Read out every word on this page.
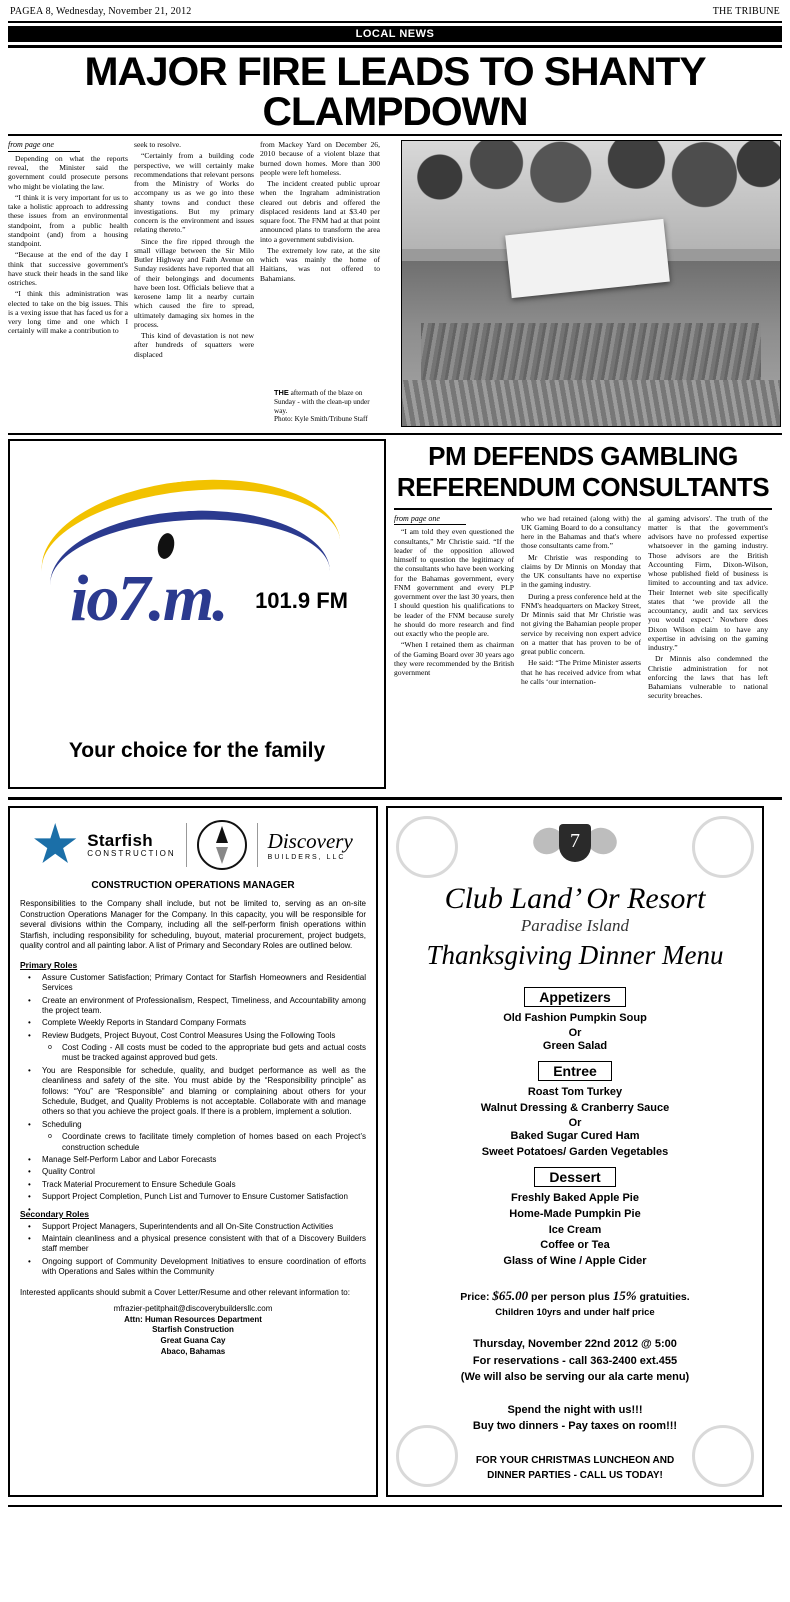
PAGEA 8, Wednesday, November 21, 2012	THE TRIBUNE
LOCAL NEWS
MAJOR FIRE LEADS TO SHANTY CLAMPDOWN
from page one

Depending on what the reports reveal, the Minister said the government could prosecute persons who might be violating the law.

“I think it is very important for us to take a holistic approach to addressing these issues from an environmental standpoint, from a public health standpoint (and) from a housing standpoint.

“Because at the end of the day I think that successive government's have stuck their heads in the sand like ostriches.

“I think this administration was elected to take on the big issues. This is a vexing issue that has faced us for a very long time and one which I certainly will make a contribution to

seek to resolve.

“Certainly from a building code perspective, we will certainly make recommendations that relevant persons from the Ministry of Works do accompany us as we go into these shanty towns and conduct these investigations. But my primary concern is the environment and issues relating thereto.”

Since the fire ripped through the small village between the Sir Milo Butler Highway and Faith Avenue on Sunday residents have reported that all of their belongings and documents have been lost. Officials believe that a kerosene lamp lit a nearby curtain which caused the fire to spread, ultimately damaging six homes in the process.

This kind of devastation is not new after hundreds of squatters were displaced

from Mackey Yard on December 26, 2010 because of a violent blaze that burned down homes. More than 300 people were left homeless.

The incident created public uproar when the Ingraham administration cleared out debris and offered the displaced residents land at $3.40 per square foot. The FNM had at that point announced plans to transform the area into a government subdivision.

The extremely low rate, at the site which was mainly the home of Haitians, was not offered to Bahamians.

THE aftermath of the blaze on Sunday - with the clean-up under way.
Photo: Kyle Smith/Tribune Staff
io7.m. 101.9 FM
Your choice for the family
PM DEFENDS GAMBLING
REFERENDUM CONSULTANTS
from page one

“I am told they even questioned the consultants,” Mr Christie said. “If the leader of the opposition allowed himself to question the legitimacy of the consultants who have been working for the Bahamas government, every FNM government and every PLP government over the last 30 years, then I should question his qualifications to be leader of the FNM because surely he should do more research and find out exactly who the people are.

“When I retained them as chairman of the Gaming Board over 30 years ago they were recommended by the British government

who we had retained (along with) the UK Gaming Board to do a consultancy here in the Bahamas and that's where those consultants came from.”

Mr Christie was responding to claims by Dr Minnis on Monday that the UK consultants have no expertise in the gaming industry.

During a press conference held at the FNM's headquarters on Mackey Street, Dr Minnis said that Mr Christie was not giving the Bahamian people proper service by receiving non expert advice on a matter that has proven to be of great public concern.

He said: “The Prime Minister asserts that he has received advice from what he calls ‘our internation-

al gaming advisors'. The truth of the matter is that the government's advisors have no professed expertise whatsoever in the gaming industry. Those advisors are the British Accounting Firm, Dixon-Wilson, whose published field of business is limited to accounting and tax advice. Their Internet web site specifically states that ‘we provide all the accountancy, audit and tax services you would expect.' Nowhere does Dixon Wilson claim to have any expertise in advising on the gaming industry.”

Dr Minnis also condemned the Christie administration for not enforcing the laws that has left Bahamians vulnerable to national security breaches.

Starfish
CONSTRUCTION
Discovery
BUILDERS, LLC
CONSTRUCTION OPERATIONS MANAGER

Responsibilities to the Company shall include, but not be limited to, serving as an on-site Construction Operations Manager for the Company. In this capacity, you will be responsible for several divisions within the Company, including all the self-perform finish operations within Starfish, including responsibility for scheduling, buyout, material procurement, project budgets, quality control and all painting labor. A list of Primary and Secondary Roles are outlined below.

Primary Roles
• Assure Customer Satisfaction; Primary Contact for Starfish Homeowners and Residential Services
• Create an environment of Professionalism, Respect, Timeliness, and Accountability among the project team.
• Complete Weekly Reports in Standard Company Formats
• Review Budgets, Project Buyout, Cost Control Measures Using the Following Tools
o Cost Coding - All costs must be coded to the appropriate bud gets and actual costs must be tracked against approved bud gets.
• You are Responsible for schedule, quality, and budget performance as well as the cleanliness and safety of the site. You must abide by the “Responsibility principle” as follows: “You” are “Responsible” and blaming or complaining about others for your Schedule, Budget, and Quality Problems is not acceptable. Collaborate with and manage others so that you achieve the project goals. If there is a problem, implement a solution.
• Scheduling
o Coordinate crews to facilitate timely completion of homes based on each Project’s construction schedule
• Manage Self-Perform Labor and Labor Forecasts
• Quality Control
• Track Material Procurement to Ensure Schedule Goals
• Support Project Completion, Punch List and Turnover to Ensure Customer Satisfaction
Secondary Roles
• Support Project Managers, Superintendents and all On-Site Construction Activities
• Maintain cleanliness and a physical presence consistent with that of a Discovery Builders staff member
• Ongoing support of Community Development Initiatives to ensure coordination of efforts with Operations and Sales within the Community

Interested applicants should submit a Cover Letter/Resume and other relevant information to:

mfrazier-petitphait@discoverybuildersllc.com
Attn: Human Resources Department
Starfish Construction
Great Guana Cay
Abaco, Bahamas
7
Club Land’ Or Resort
Paradise Island
Thanksgiving Dinner Menu
Appetizers
Old Fashion Pumpkin Soup
Or
Green Salad
Entree
Roast Tom Turkey
Walnut Dressing & Cranberry Sauce
Or
Baked Sugar Cured Ham
Sweet Potatoes/ Garden Vegetables
Dessert
Freshly Baked Apple Pie
Home-Made Pumpkin Pie
Ice Cream
Coffee or Tea
Glass of Wine / Apple Cider
Price: $65.00 per person plus 15% gratuities.
Children 10yrs and under half price
Thursday, November 22nd 2012 @ 5:00
For reservations - call 363-2400 ext.455
(We will also be serving our ala carte menu)
Spend the night with us!!!
Buy two dinners - Pay taxes on room!!!
FOR YOUR CHRISTMAS LUNCHEON AND
DINNER PARTIES - CALL US TODAY!
